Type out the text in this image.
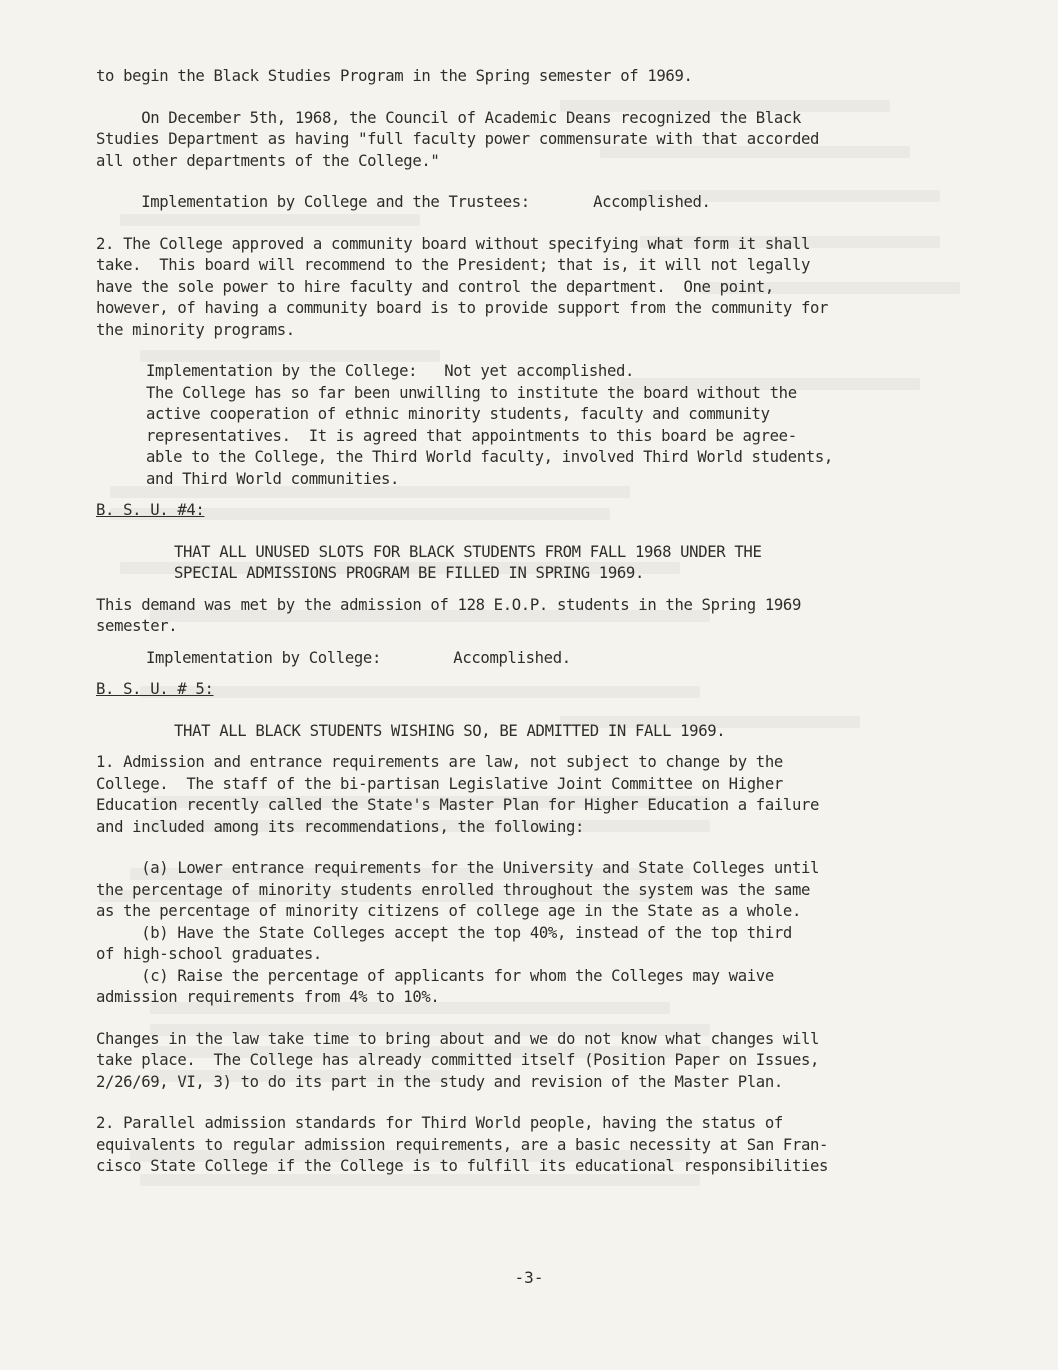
to begin the Black Studies Program in the Spring semester of 1969.
On December 5th, 1968, the Council of Academic Deans recognized the Black
Studies Department as having "full faculty power commensurate with that accorded
all other departments of the College."
Implementation by College and the Trustees:       Accomplished.
2. The College approved a community board without specifying what form it shall
take.  This board will recommend to the President; that is, it will not legally
have the sole power to hire faculty and control the department.  One point,
however, of having a community board is to provide support from the community for
the minority programs.
Implementation by the College:   Not yet accomplished.
The College has so far been unwilling to institute the board without the
active cooperation of ethnic minority students, faculty and community
representatives.  It is agreed that appointments to this board be agree-
able to the College, the Third World faculty, involved Third World students,
and Third World communities.
B. S. U. #4:
THAT ALL UNUSED SLOTS FOR BLACK STUDENTS FROM FALL 1968 UNDER THE
SPECIAL ADMISSIONS PROGRAM BE FILLED IN SPRING 1969.
This demand was met by the admission of 128 E.O.P. students in the Spring 1969
semester.
Implementation by College:        Accomplished.
B. S. U. # 5:
THAT ALL BLACK STUDENTS WISHING SO, BE ADMITTED IN FALL 1969.
1. Admission and entrance requirements are law, not subject to change by the
College.  The staff of the bi-partisan Legislative Joint Committee on Higher
Education recently called the State's Master Plan for Higher Education a failure
and included among its recommendations, the following:
(a) Lower entrance requirements for the University and State Colleges until
the percentage of minority students enrolled throughout the system was the same
as the percentage of minority citizens of college age in the State as a whole.
(b) Have the State Colleges accept the top 40%, instead of the top third
of high-school graduates.
(c) Raise the percentage of applicants for whom the Colleges may waive
admission requirements from 4% to 10%.
Changes in the law take time to bring about and we do not know what changes will
take place.  The College has already committed itself (Position Paper on Issues,
2/26/69, VI, 3) to do its part in the study and revision of the Master Plan.
2. Parallel admission standards for Third World people, having the status of
equivalents to regular admission requirements, are a basic necessity at San Fran-
cisco State College if the College is to fulfill its educational responsibilities
-3-
